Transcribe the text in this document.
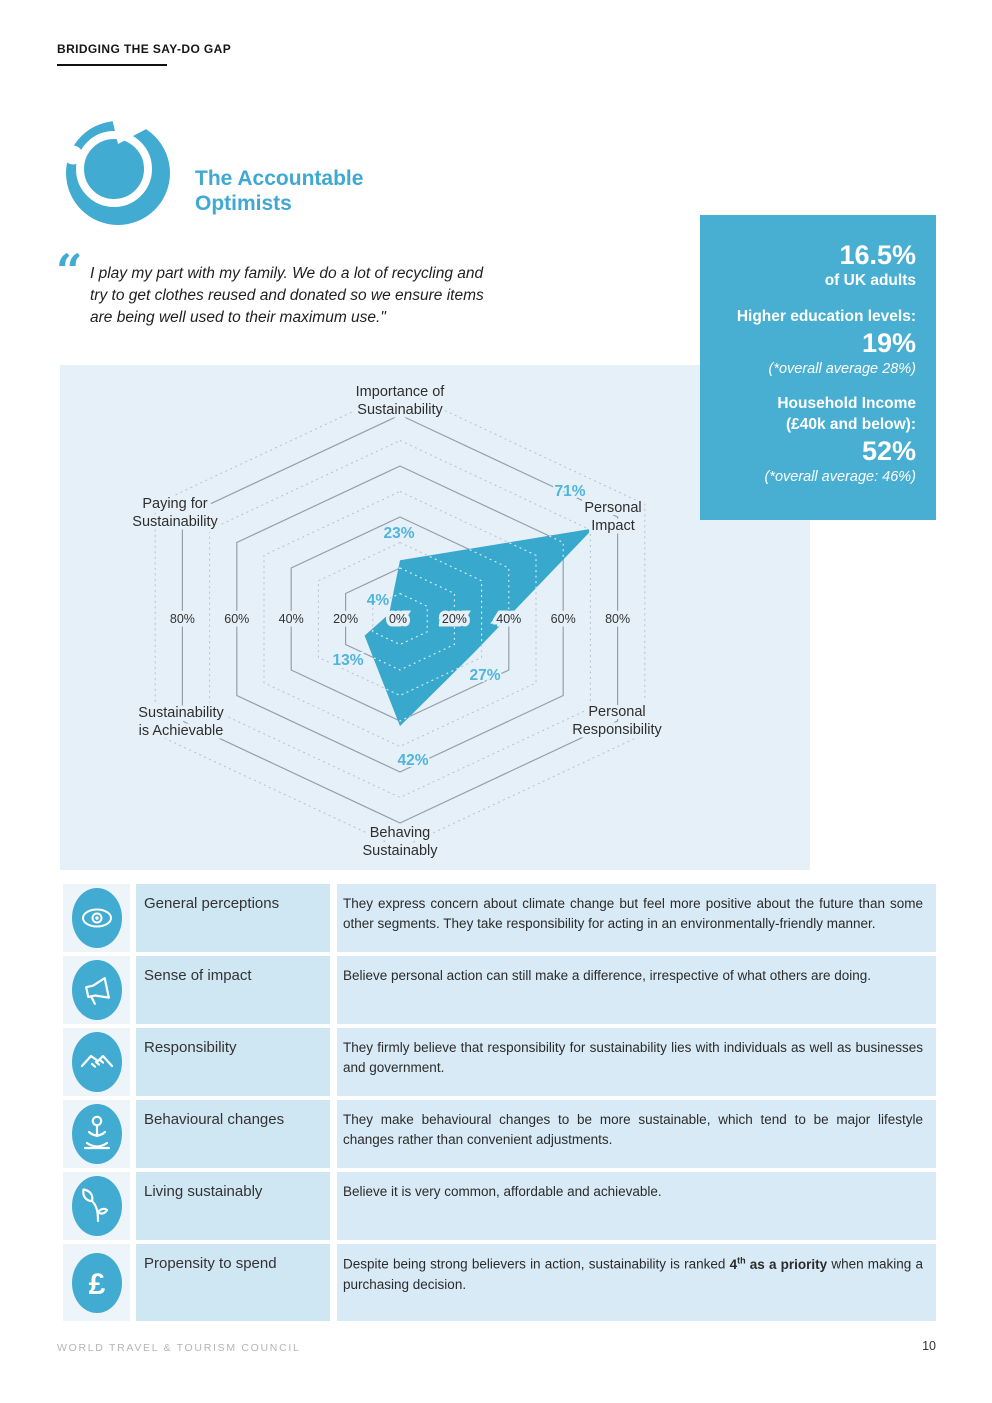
BRIDGING THE SAY-DO GAP
The Accountable
Optimists
“ I play my part with my family. We do a lot of recycling and try to get clothes reused and donated so we ensure items are being well used to their maximum use."
80% 60% 40% 20% 0%	20% 40% 60% 80%
Importance of
Sustainability
Personal
Impact
Personal
Responsibility
Behaving
Sustainably
Sustainability
is Achievable
Paying for
Sustainability
23%
71%
27%
42%
13%
4%
16.5%
of UK adults
Higher education levels:
19%
(*overall average 28%)
Household Income
(£40k and below):
52%
(*overall average: 46%)
General perceptions	They express concern about climate change but feel more positive about the future than some other segments. They take responsibility for acting in an environmentally-friendly manner.
Sense of impact	Believe personal action can still make a difference, irrespective of what others are doing.
Responsibility	They firmly believe that responsibility for sustainability lies with individuals as well as businesses and government.
Behavioural changes	They make behavioural changes to be more sustainable, which tend to be major lifestyle changes rather than convenient adjustments.
Living sustainably	Believe it is very common, affordable and achievable.
£
Propensity to spend	Despite being strong believers in action, sustainability is ranked 4th as a priority when making a purchasing decision.
WORLD TRAVEL & TOURISM COUNCIL	10
